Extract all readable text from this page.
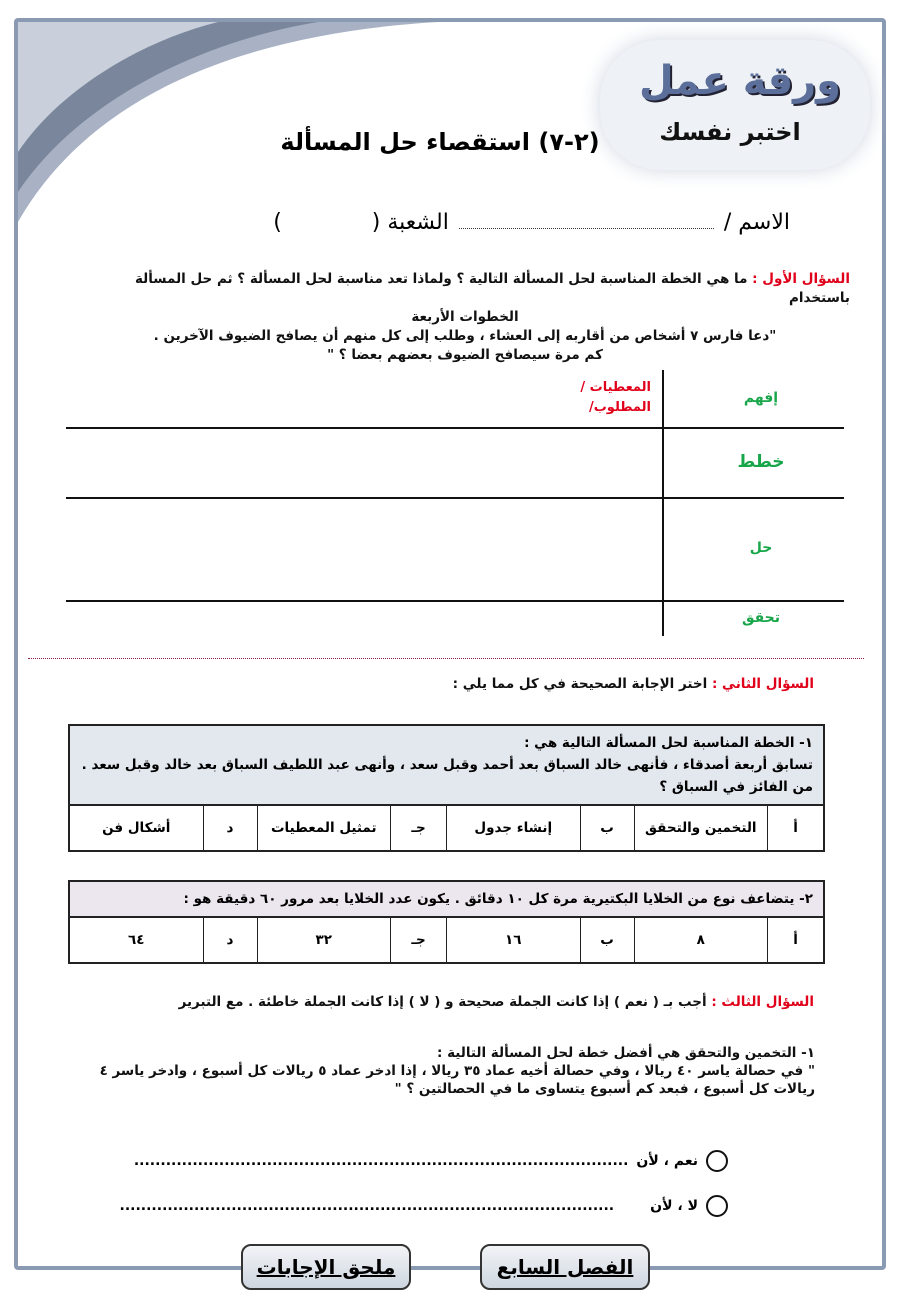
ورقة عمل
اختبر نفسك
(٢-٧) استقصاء حل المسألة
الاسم /
الشعبة (
)
السؤال الأول : ما هي الخطة المناسبة لحل المسألة التالية ؟ ولماذا تعد مناسبة لحل المسألة ؟ ثم حل المسألة باستخدام
الخطوات الأربعة
"دعا فارس ٧ أشخاص من أقاربه إلى العشاء ، وطلب إلى كل منهم أن يصافح الضيوف الآخرين .
كم مرة سيصافح الضيوف بعضهم بعضا ؟ "
المعطيات /
المطلوب/
إفهم
خطط
حل
تحقق
السؤال الثاني : اختر الإجابة الصحيحة في كل مما يلي :
١- الخطة المناسبة لحل المسألة التالية هي :
تسابق أربعة أصدقاء ، فأنهى خالد السباق بعد أحمد وقبل سعد ، وأنهى عبد اللطيف السباق بعد خالد وقبل سعد . من الفائز في السباق ؟
أ
التخمين والتحقق
ب
إنشاء جدول
جـ
تمثيل المعطيات
د
أشكال فن
٢- يتضاعف نوع من الخلايا البكتيرية مرة كل ١٠ دقائق . يكون عدد الخلايا بعد مرور ٦٠ دقيقة هو :
أ
٨
ب
١٦
جـ
٣٢
د
٦٤
السؤال الثالث : أجب بـ ( نعم ) إذا كانت الجملة صحيحة و ( لا ) إذا كانت الجملة خاطئة . مع التبرير
١- التخمين والتحقق هي أفضل خطة لحل المسألة التالية :
" في حصالة ياسر ٤٠ ريالا ، وفي حصالة أخيه عماد ٣٥ ريالا ، إذا ادخر عماد ٥ ريالات كل أسبوع ، وادخر ياسر ٤ ريالات كل أسبوع ، فبعد كم أسبوع يتساوى ما في الحصالتين ؟ "
نعم ، لأن
.............................................................................................
لا ، لأن
.............................................................................................
الفصل السابع
ملحق الإجابات
